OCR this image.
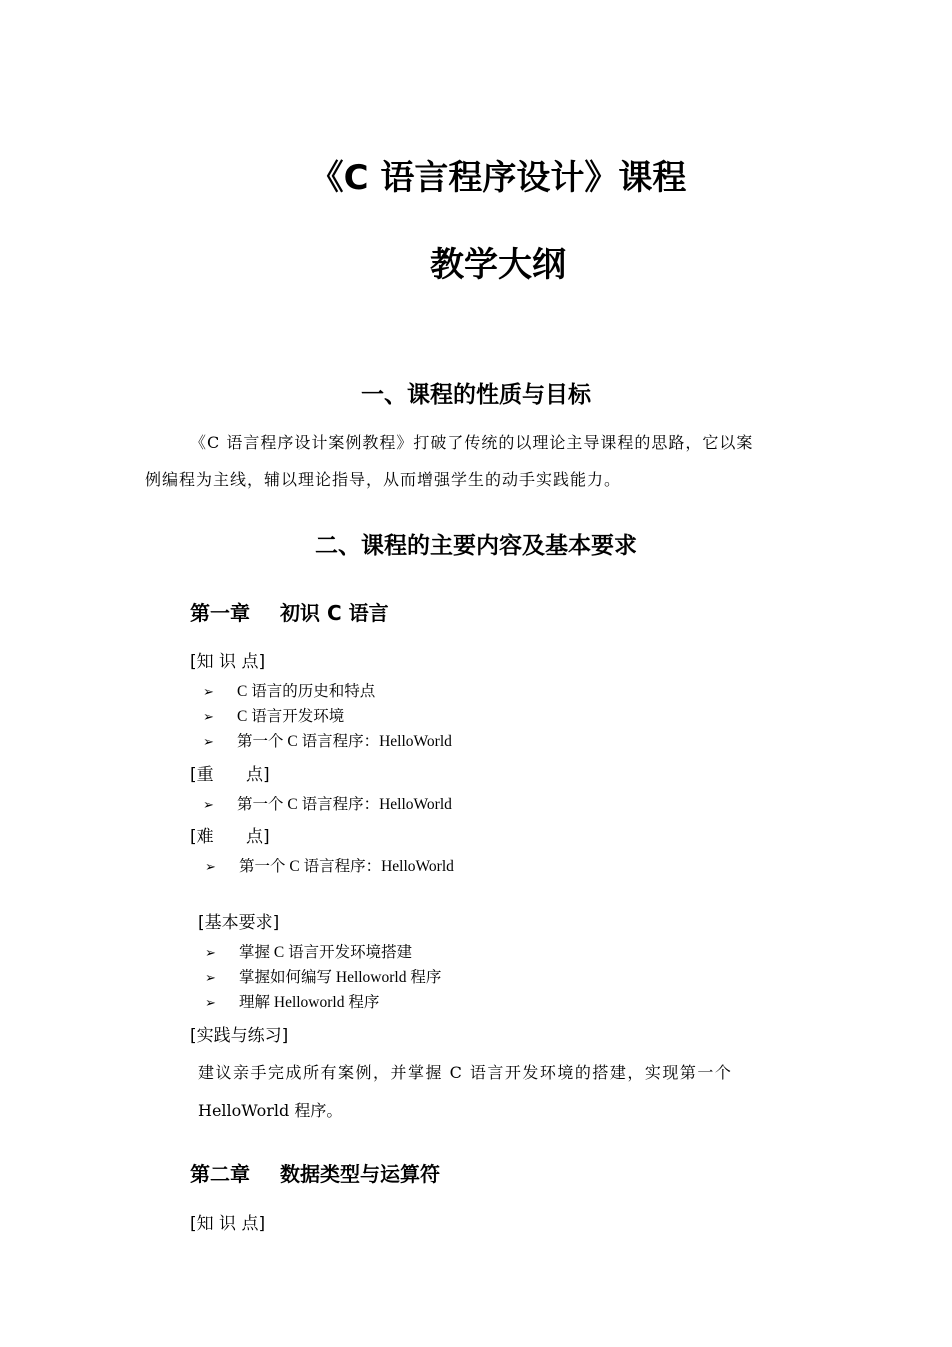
《C 语言程序设计》课程
教学大纲
一、课程的性质与目标

《C 语言程序设计案例教程》打破了传统的以理论主导课程的思路，它以案

例编程为主线，辅以理论指导，从而增强学生的动手实践能力。

二、课程的主要内容及基本要求
第一章 初识 C 语言
[知 识 点]
➢ C 语言的历史和特点
➢ C 语言开发环境
➢ 第一个 C 语言程序：HelloWorld
[重      点]
➢ 第一个 C 语言程序：HelloWorld
[难      点]
➢ 第一个 C 语言程序：HelloWorld
[基本要求]
➢ 掌握 C 语言开发环境搭建
➢ 掌握如何编写 Helloworld 程序
➢ 理解 Helloworld 程序
[实践与练习]

建议亲手完成所有案例，并掌握 C 语言开发环境的搭建，实现第一个

HelloWorld 程序。

第二章 数据类型与运算符
[知 识 点]
